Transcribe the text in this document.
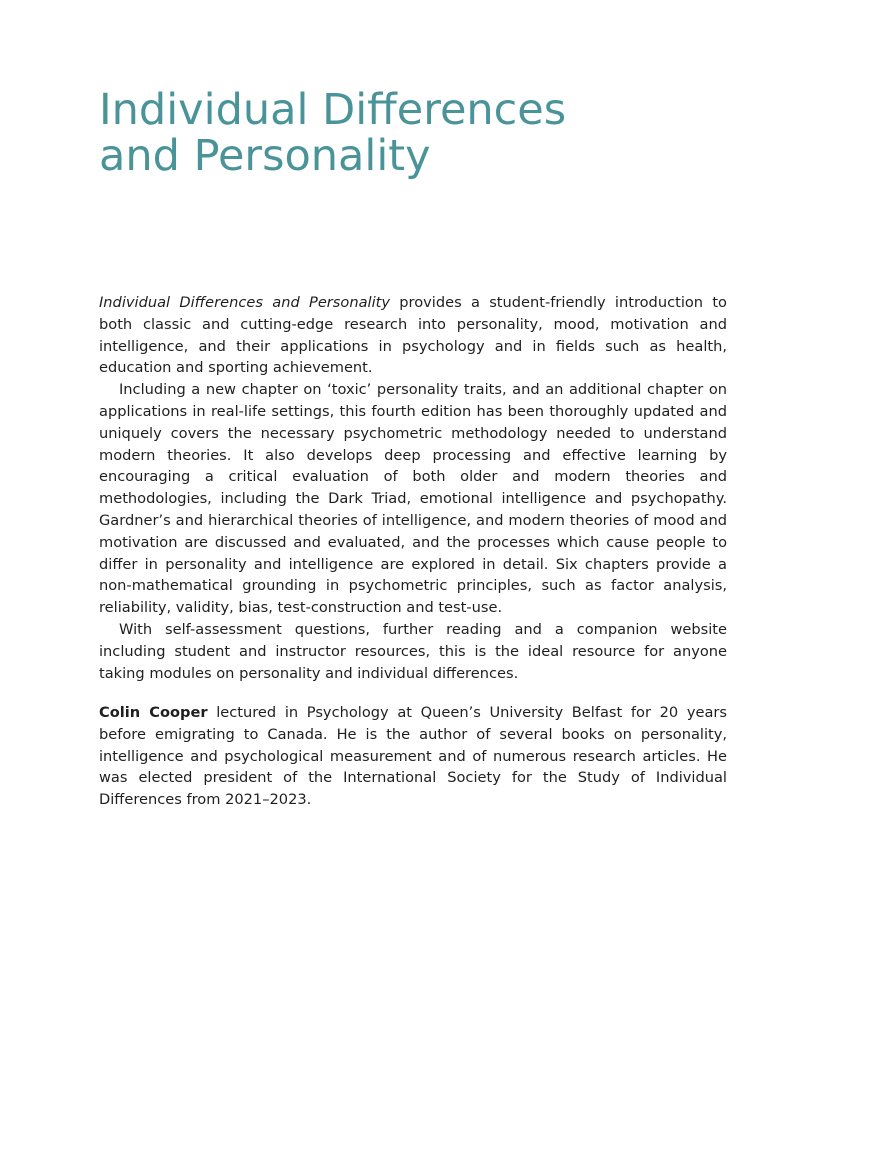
Individual Differences
and Personality

Individual Differences and Personality provides a student-friendly introduction to both classic and cutting-edge research into personality, mood, motivation and intelligence, and their applications in psychology and in fields such as health, education and sporting achievement.

Including a new chapter on ‘toxic’ personality traits, and an additional chapter on applications in real-life settings, this fourth edition has been thoroughly updated and uniquely covers the necessary psychometric methodology needed to understand modern theories. It also develops deep processing and effective learning by encouraging a critical evaluation of both older and modern theories and methodologies, including the Dark Triad, emotional intelligence and psychopathy. Gardner’s and hierarchical theories of intelligence, and modern theories of mood and motivation are discussed and evaluated, and the processes which cause people to differ in personality and intelligence are explored in detail. Six chapters provide a non-mathematical grounding in psychometric principles, such as factor analysis, reliability, validity, bias, test-construction and test-use.

With self-assessment questions, further reading and a companion website including student and instructor resources, this is the ideal resource for anyone taking modules on personality and individual differences.

Colin Cooper lectured in Psychology at Queen’s University Belfast for 20 years before emigrating to Canada. He is the author of several books on personality, intelligence and psychological measurement and of numerous research articles. He was elected president of the International Society for the Study of Individual Differences from 2021–2023.
